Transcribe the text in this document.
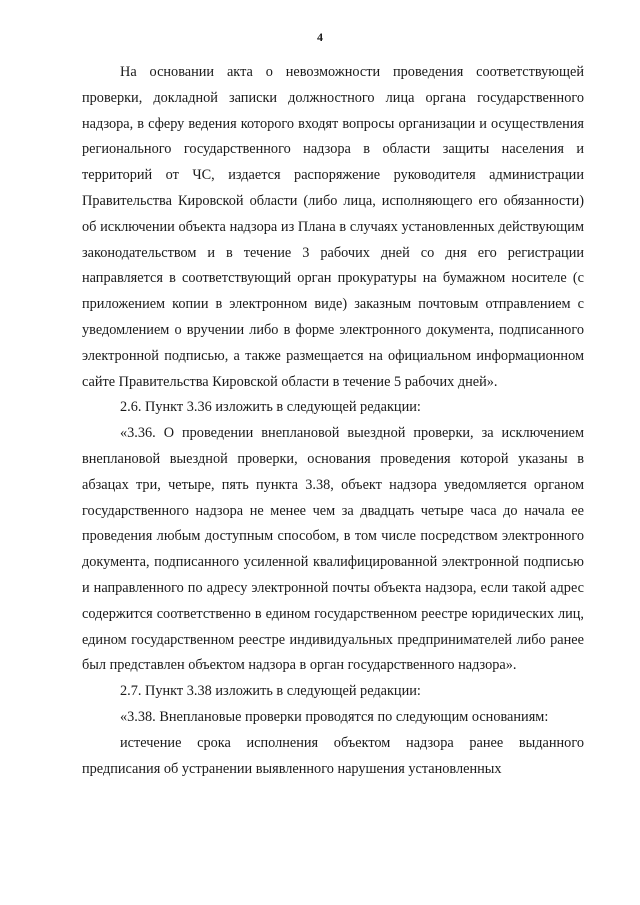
4

На основании акта о невозможности проведения соответствующей проверки, докладной записки должностного лица органа государственного надзора, в сферу ведения которого входят вопросы организации и осуществления регионального государственного надзора в области защиты населения и территорий от ЧС, издается распоряжение руководителя администрации Правительства Кировской области (либо лица, исполняющего его обязанности) об исключении объекта надзора из Плана в случаях установленных действующим законодательством и в течение 3 рабочих дней со дня его регистрации направляется в соответствующий орган прокуратуры на бумажном носителе (с приложением копии в электронном виде) заказным почтовым отправлением с уведомлением о вручении либо в форме электронного документа, подписанного электронной подписью, а также размещается на официальном информационном сайте Правительства Кировской области в течение 5 рабочих дней».

2.6. Пункт 3.36 изложить в следующей редакции:

«3.36. О проведении внеплановой выездной проверки, за исключением внеплановой выездной проверки, основания проведения которой указаны в абзацах три, четыре, пять пункта 3.38, объект надзора уведомляется органом государственного надзора не менее чем за двадцать четыре часа до начала ее проведения любым доступным способом, в том числе посредством электронного документа, подписанного усиленной квалифицированной электронной подписью и направленного по адресу электронной почты объекта надзора, если такой адрес содержится соответственно в едином государственном реестре юридических лиц, едином государственном реестре индивидуальных предпринимателей либо ранее был представлен объектом надзора в орган государственного надзора».

2.7. Пункт 3.38 изложить в следующей редакции:

«3.38. Внеплановые проверки проводятся по следующим основаниям:

истечение срока исполнения объектом надзора ранее выданного предписания об устранении выявленного нарушения установленных
